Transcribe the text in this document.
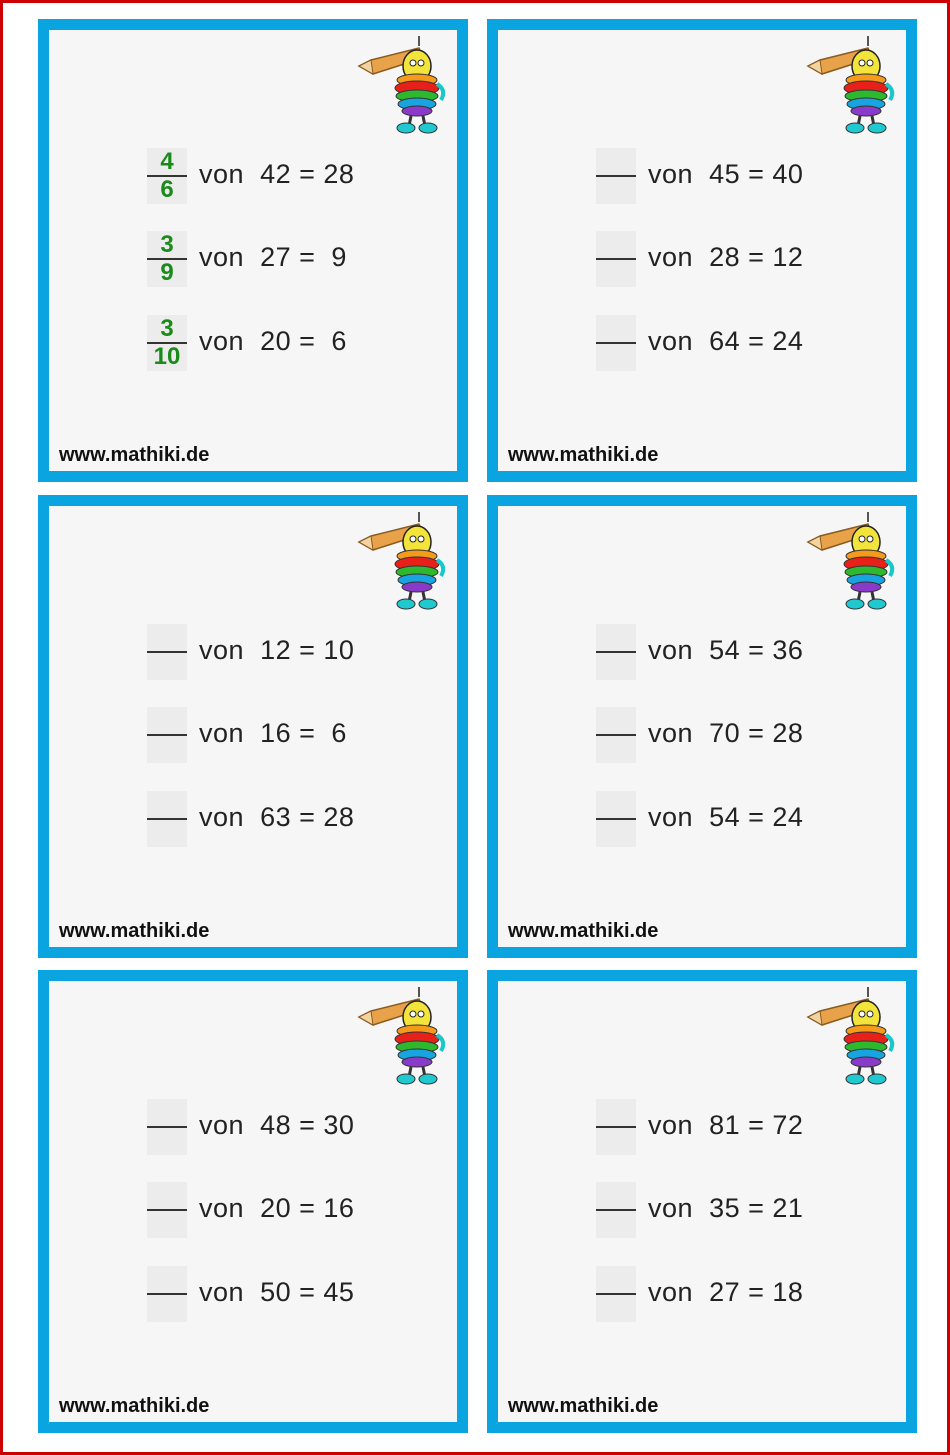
4
6
von 42 = 28
3
9
von 27 =  9
3
10
von 20 =  6
www.mathiki.de
von 45 = 40
von 28 = 12
von 64 = 24
www.mathiki.de
von 12 = 10
von 16 =  6
von 63 = 28
www.mathiki.de
von 54 = 36
von 70 = 28
von 54 = 24
www.mathiki.de
von 48 = 30
von 20 = 16
von 50 = 45
www.mathiki.de
von 81 = 72
von 35 = 21
von 27 = 18
www.mathiki.de
